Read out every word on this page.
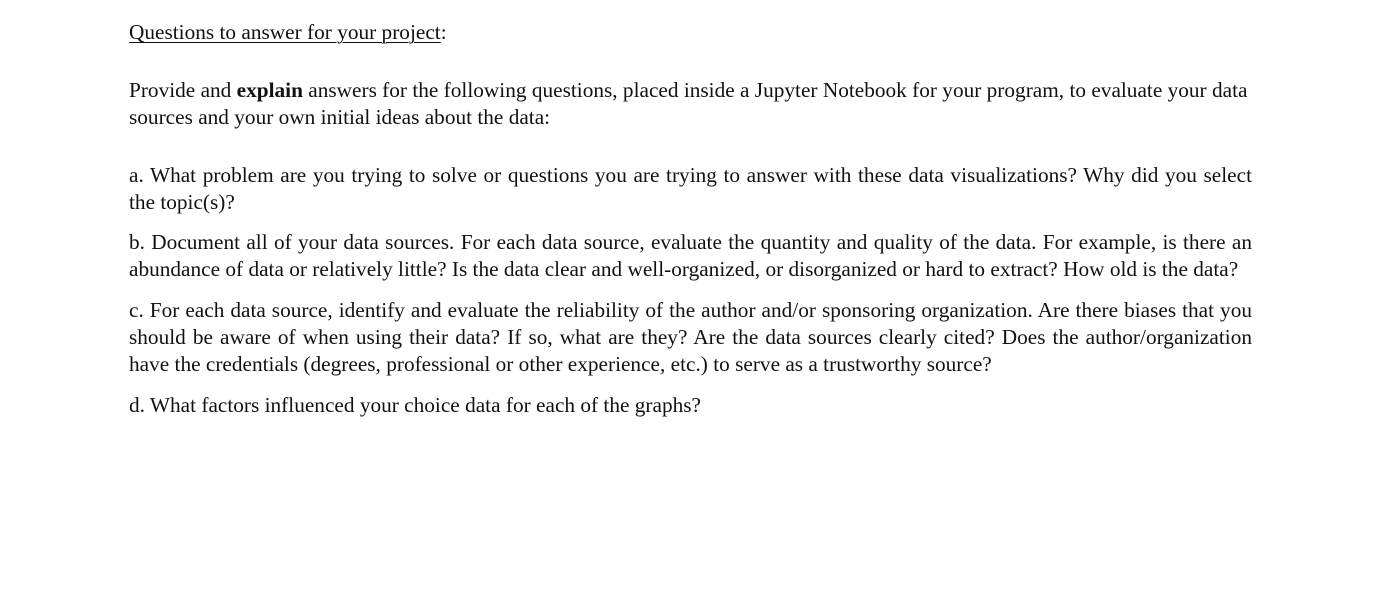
Questions to answer for your project:

Provide and explain answers for the following questions, placed inside a Jupyter Notebook for your program, to evaluate your data sources and your own initial ideas about the data:

a. What problem are you trying to solve or questions you are trying to answer with these data visualizations? Why did you select the topic(s)?

b. Document all of your data sources. For each data source, evaluate the quantity and quality of the data. For example, is there an abundance of data or relatively little? Is the data clear and well-organized, or disorganized or hard to extract? How old is the data?

c. For each data source, identify and evaluate the reliability of the author and/or sponsoring organization. Are there biases that you should be aware of when using their data? If so, what are they? Are the data sources clearly cited? Does the author/organization have the credentials (degrees, professional or other experience, etc.) to serve as a trustworthy source?

d. What factors influenced your choice data for each of the graphs?
